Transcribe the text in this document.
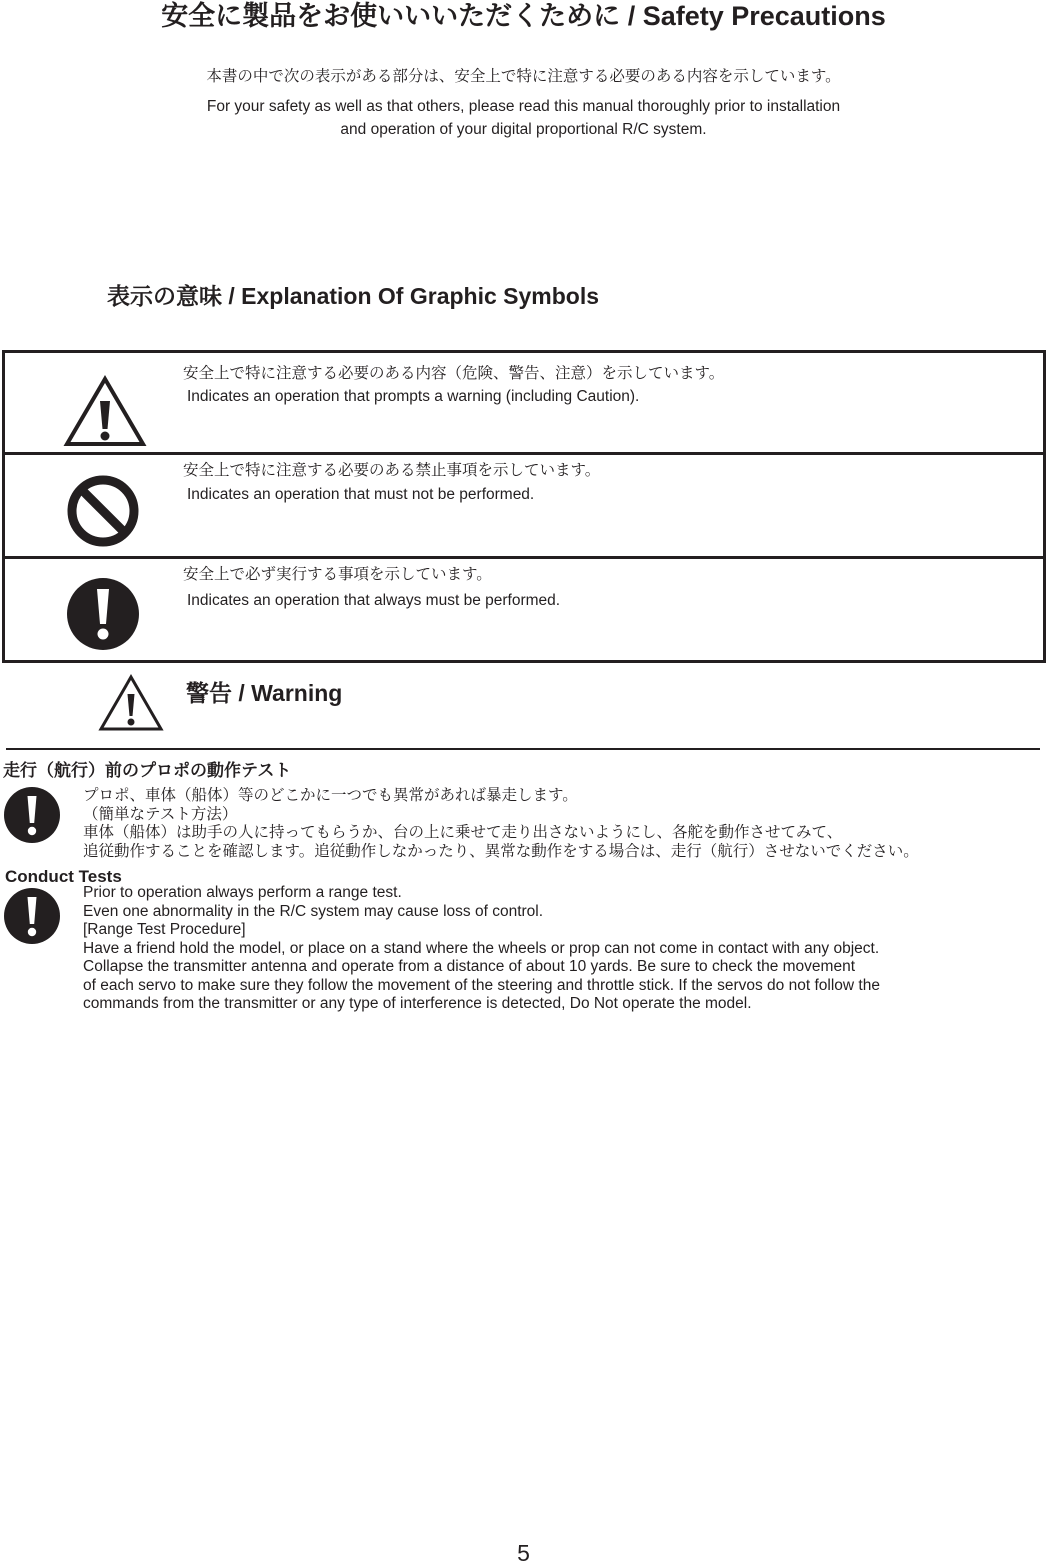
安全に製品をお使いいいただくために / Safety Precautions
本書の中で次の表示がある部分は、安全上で特に注意する必要のある内容を示しています。
For your safety as well as that others, please read this manual thoroughly prior to installation
and operation of your digital proportional R/C system.
表示の意味 / Explanation Of Graphic Symbols
安全上で特に注意する必要のある内容（危険、警告、注意）を示しています。
Indicates an operation that prompts a warning (including Caution).
安全上で特に注意する必要のある禁止事項を示しています。
Indicates an operation that must not be performed.
安全上で必ず実行する事項を示しています。
Indicates an operation that always must be performed.
警告 / Warning
走行（航行）前のプロポの動作テスト
プロポ、車体（船体）等のどこかに一つでも異常があれば暴走します。
（簡単なテスト方法）
車体（船体）は助手の人に持ってもらうか、台の上に乗せて走り出さないようにし、各舵を動作させてみて、
追従動作することを確認します。追従動作しなかったり、異常な動作をする場合は、走行（航行）させないでください。
Conduct Tests
Prior to operation always perform a range test.
Even one abnormality in the R/C system may cause loss of control.
[Range Test Procedure]
Have a friend hold the model, or place on a stand where the wheels or prop can not come in contact with any object.
Collapse the transmitter antenna and operate from a distance of about 10 yards. Be sure to check the movement
of each servo to make sure they follow the movement of the steering and throttle stick. If the servos do not follow the
commands from the transmitter or any type of interference is detected, Do Not operate the model.
5
